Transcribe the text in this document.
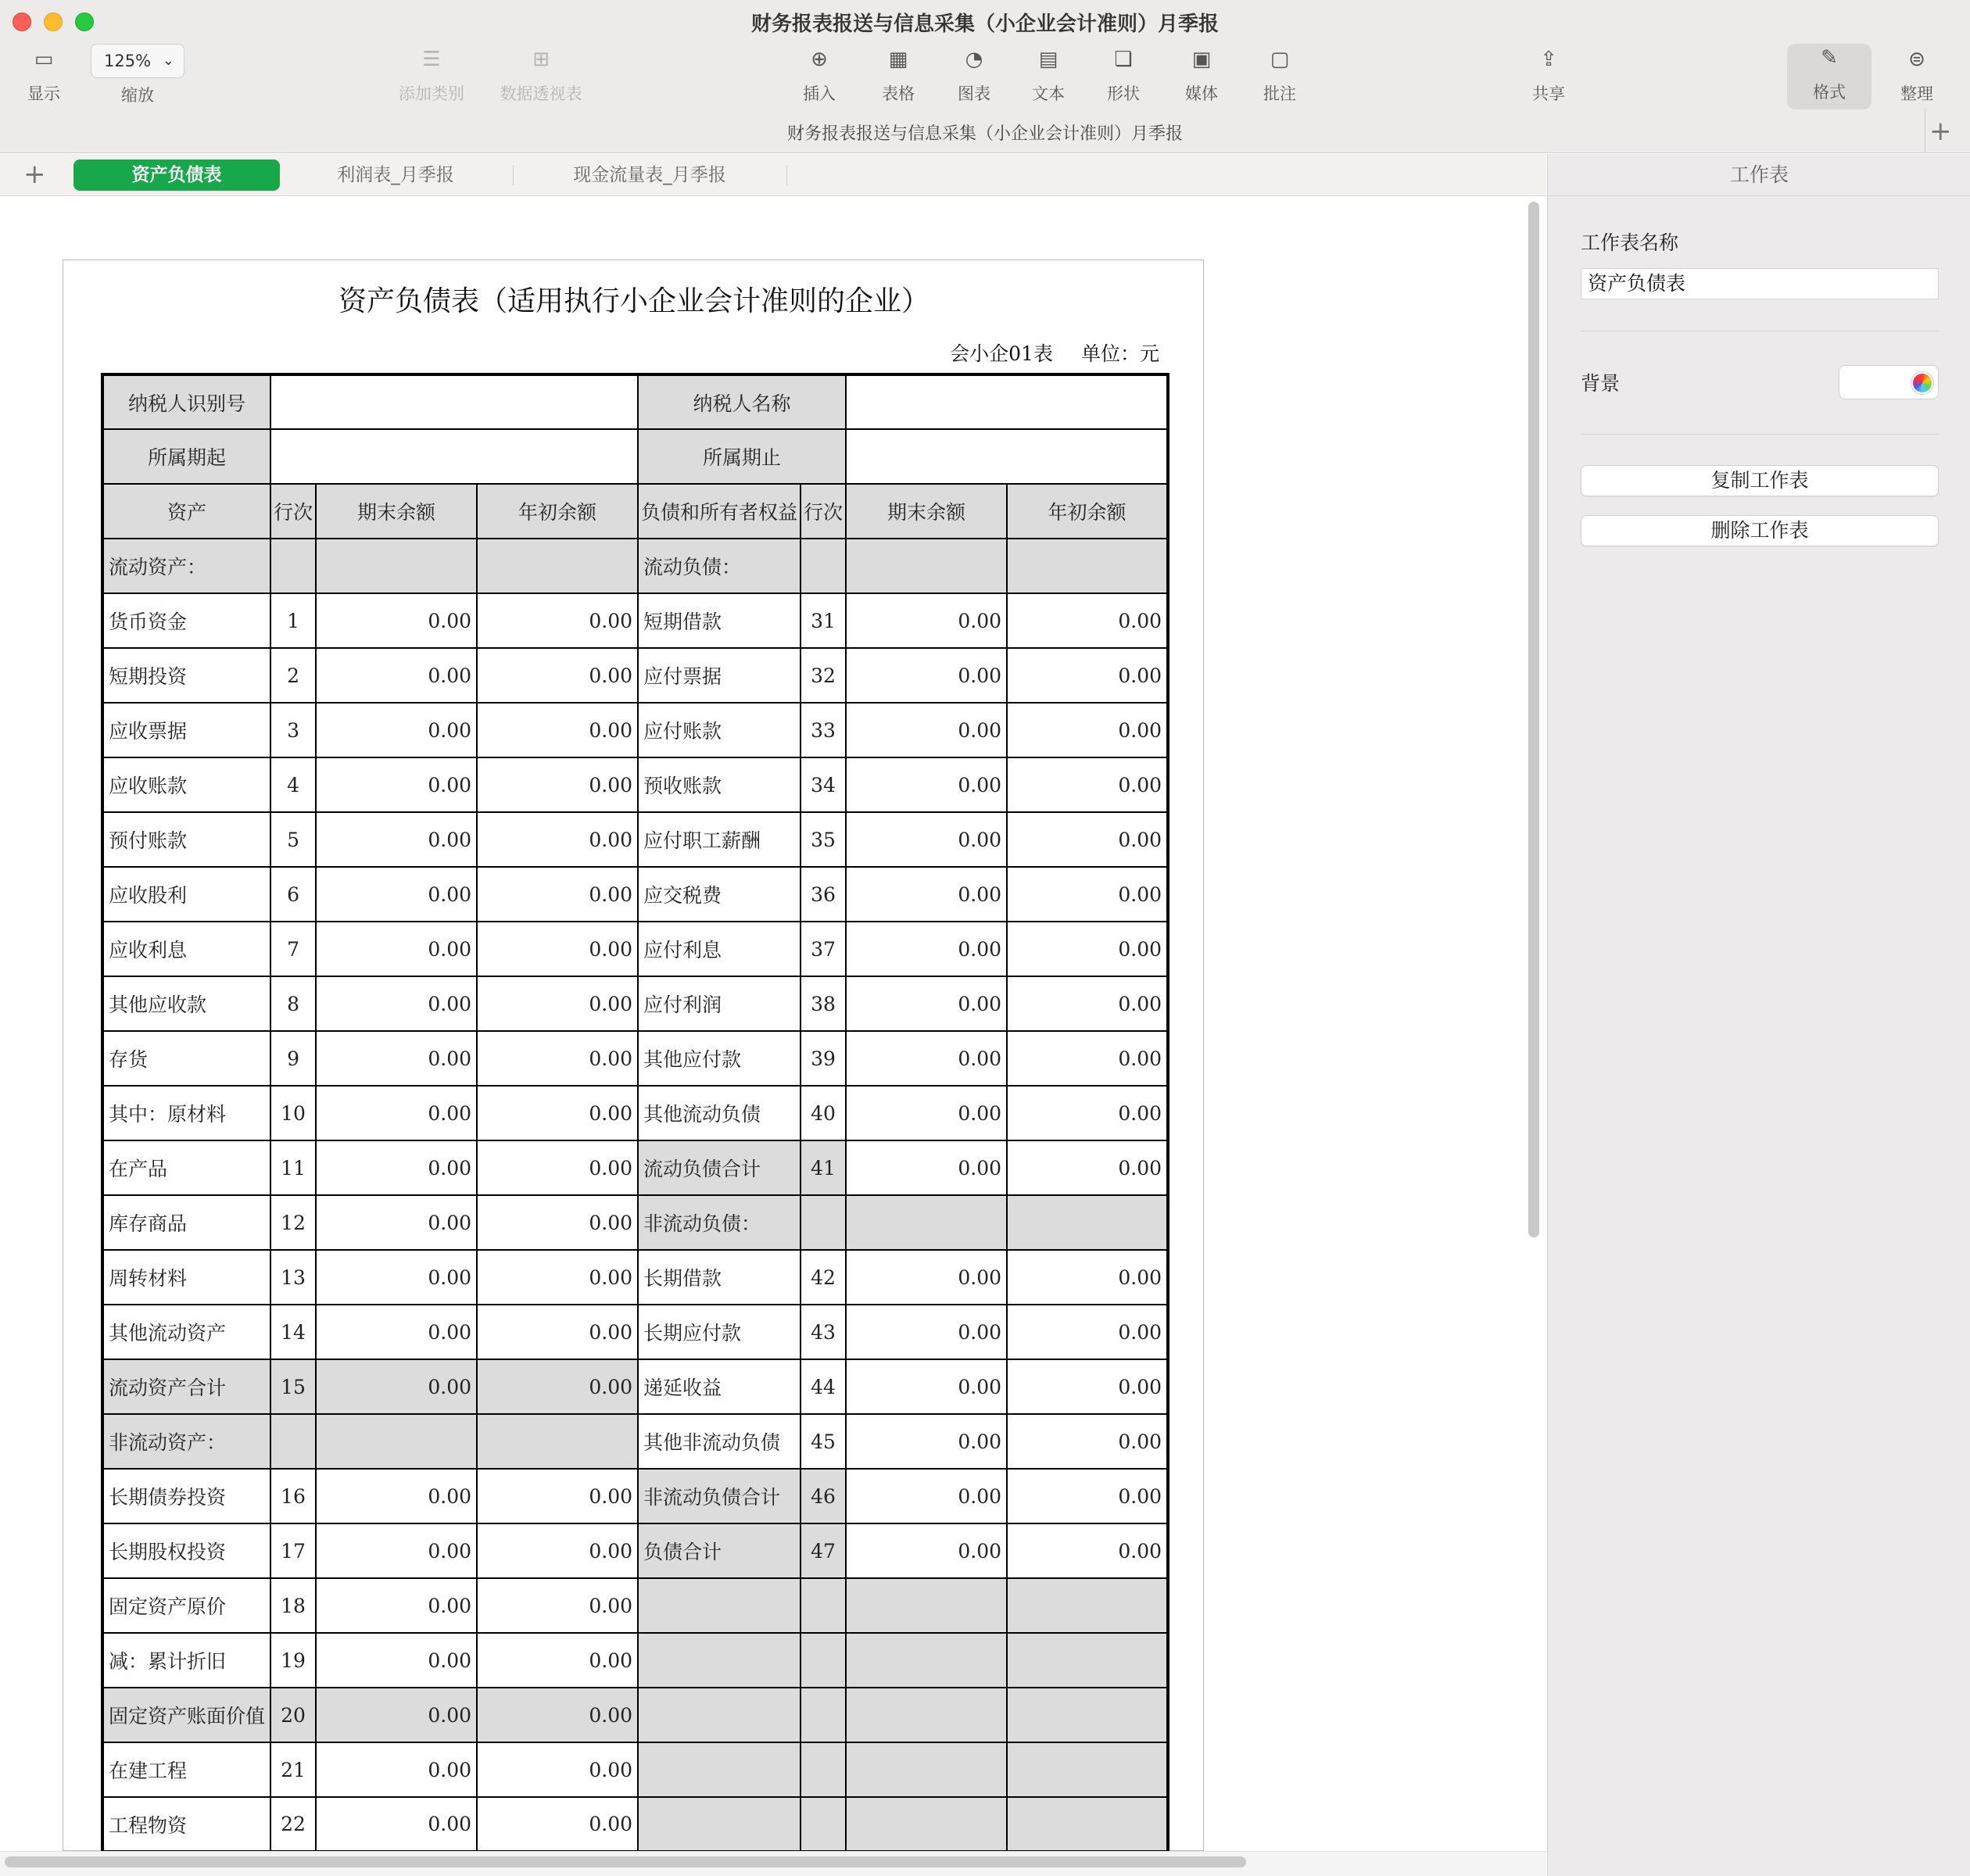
财务报表报送与信息采集（小企业会计准则）月季报
▭
显示
125% ⌄
缩放
☰
添加类别
⊞
数据透视表
⊕
插入
▦
表格
◔
图表
▤
文本
❏
形状
▣
媒体
▢
批注
⇪
共享
✎
格式
⊜
整理
财务报表报送与信息采集（小企业会计准则）月季报	+
+	资产负债表	利润表_月季报	现金流量表_月季报
资产负债表（适用执行小企业会计准则的企业）
会小企01表 单位：元
纳税人识别号				纳税人名称			
所属期起				所属期止			
资产	行次	期末余额	年初余额	负债和所有者权益	行次	期末余额	年初余额
流动资产：				流动负债：			
货币资金	1	0.00	0.00	短期借款	31	0.00	0.00
短期投资	2	0.00	0.00	应付票据	32	0.00	0.00
应收票据	3	0.00	0.00	应付账款	33	0.00	0.00
应收账款	4	0.00	0.00	预收账款	34	0.00	0.00
预付账款	5	0.00	0.00	应付职工薪酬	35	0.00	0.00
应收股利	6	0.00	0.00	应交税费	36	0.00	0.00
应收利息	7	0.00	0.00	应付利息	37	0.00	0.00
其他应收款	8	0.00	0.00	应付利润	38	0.00	0.00
存货	9	0.00	0.00	其他应付款	39	0.00	0.00
其中：原材料	10	0.00	0.00	其他流动负债	40	0.00	0.00
在产品	11	0.00	0.00	流动负债合计	41	0.00	0.00
库存商品	12	0.00	0.00	非流动负债：			
周转材料	13	0.00	0.00	长期借款	42	0.00	0.00
其他流动资产	14	0.00	0.00	长期应付款	43	0.00	0.00
流动资产合计	15	0.00	0.00	递延收益	44	0.00	0.00
非流动资产：				其他非流动负债	45	0.00	0.00
长期债券投资	16	0.00	0.00	非流动负债合计	46	0.00	0.00
长期股权投资	17	0.00	0.00	负债合计	47	0.00	0.00
固定资产原价	18	0.00	0.00				
减：累计折旧	19	0.00	0.00				
固定资产账面价值	20	0.00	0.00				
在建工程	21	0.00	0.00				
工程物资	22	0.00	0.00				
工作表
工作表名称
资产负债表
背景
复制工作表
删除工作表
